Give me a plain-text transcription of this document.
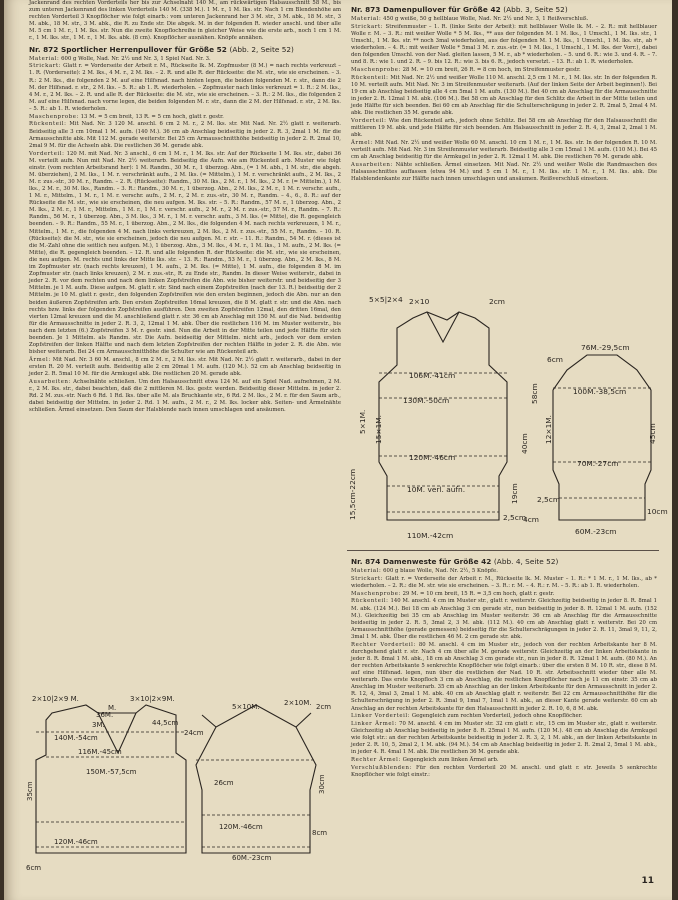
Jackenrand des rechten Vorderteils her bis zur Achselnaht 140 M., am rückwärtigen Halsausschnitt 58 M., bis zum unteren Jackenrand des linken Vorderteils 140 M. (338 M.). 1 M. r., 1 M. lks. str. Nach 1 cm Blendenhöhe am rechten Vorderteil 3 Knopflöcher wie folgt einarb.: vom unteren Jackenrand her 3 M. str., 3 M. abk., 18 M. str., 3 M. abk., 18 M. str., 3 M. abk., die R. zu Ende str. Die abgek. M. in der folgenden R. wieder anschl. und über alle M. 5 cm 1 M. r., 1 M. lks. str. Nun die zweite Knopflochreihe in gleicher Weise wie die erste arb., noch 1 cm 1 M. r., 1 M. lks. str., 1 M. r., 1 M. lks. abk. (8 cm). Knopflöcher ausnähen. Knöpfe annähen.

Nr. 872 Sportlicher Herrenpullover für Größe 52 (Abb. 2, Seite 52)

Material: 600 g Wolle, Nad. Nr. 2½ und Nr. 3, 1 Spiel Nad. Nr. 3.

Strickart: Glatt r. = Vorderseite der Arbeit r. M., Rückseite lk. M. Zopfmuster (8 M.) = nach rechts verkreuzt – 1. R. (Vorderseite): 2 M. lks., 4 M. r., 2 M. lks. – 2. R. und alle R. der Rückseite: die M. str., wie sie erscheinen. – 3. R.: 2 M. lks., die folgenden 2 M. auf eine Hilfsnad. nach hinten legen, die beiden folgenden M. r. str., dann die 2 M. der Hilfsnad. r. str., 2 M. lks. – 5. R.: ab 1. R. wiederholen. – Zopfmuster nach links verkreuzt = 1. R.: 2 M. lks., 4 M. r., 2 M. lks. – 2. R. und alle R. der Rückseite: die M. str., wie sie erscheinen. – 3. R.: 2 M. lks., die folgenden 2 M. auf eine Hilfsnad. nach vorne legen, die beiden folgenden M. r. str., dann die 2 M. der Hilfsnad. r. str., 2 M. lks. – 5. R.: ab 1. R. wiederholen.

Maschenprobe: 13 M. = 5 cm breit, 13 R. = 5 cm hoch, glatt r. gestr.

Rückenteil: Mit Nad. Nr. 3 120 M. anschl. 6 cm 2 M. r., 2 M. lks. str. Mit Nad. Nr. 2½ glatt r. weiterarb. Beidseitig alle 3 cm 10mal 1 M. aufn. (140 M.). 36 cm ab Anschlag beidseitig in jeder 2. R. 3, 2mal 1 M. für die Armausschnitte abk. Mit 112 M. gerade weiterstr. Bei 25 cm Armausschnitthöhe beidseitig in jeder 2. R. 2mal 10, 2mal 9 M. für die Achseln abk. Die restlichen 36 M. gerade abk.

Vorderteil: 120 M. mit Nad. Nr. 3 anschl., 6 cm 1 M. r., 1 M. lks. str. Auf der Rückseite 1 M. lks. str., dabei 36 M. verteilt aufn. Nun mit Nad. Nr. 2½ weiterarb. Beidseitig die Aufn. wie am Rückenteil arb. Muster wie folgt einstr. (vom rechten Arbeitsrand her): 1 M. Randm., 30 M. r., 1 überzog. Abn., (= 1 M. abh., 1 M. str., die abgeh. M. überziehen), 2 M. lks., 1 M. r. verschränkt aufn., 2 M. lks. (= Mittelm.), 1 M. r. verschränkt aufn., 2 M. lks., 2 M. r. zus.-str., 30 M. r., Randm. – 2. R. (Rückseite): Randm., 30 M. lks., 2 M. r., 1 M. lks., 2 M. r. (= Mittelm.), 1 M. lks., 2 M. r., 30 M. lks., Randm. – 3. R.: Randm., 30 M. r., 1 überzog. Abn., 2 M. lks., 2 M. r., 1 M. r. verschr. aufn., 1 M. r., Mittelm., 1 M. r., 1 M. r. verschr. aufn., 2 M. r., 2 M. r. zus.-str., 30 M. r., Randm. – 4., 6., 8. R.: auf der Rückseite die M. str., wie sie erscheinen, die neu aufgen. M. lks. str. – 5. R.: Randm., 57 M. r., 1 überzog. Abn., 2 M. lks., 2 M. r., 1 M. r., Mittelm., 1 M. r., 1 M. r. verschr. aufn., 2 M. r., 2 M. r. zus.-str., 57 M. r., Randm. – 7. R.: Randm., 56 M. r., 1 überzog. Abn., 3 M. lks., 3 M. r., 1 M. r. verschr. aufn., 3 M. lks. (= Mitte), die R. gegengleich beenden. – 9. R.: Randm., 55 M. r., 1 überzog. Abn., 2 M. lks., die folgenden 4 M. nach rechts verkreuzen, 1 M. r., Mittelm., 1 M. r., die folgenden 4 M. nach links verkreuzen, 2 M. lks., 2 M. r. zus.-str., 55 M. r., Randm. – 10. R. (Rückseite): die M. str., wie sie erscheinen, jedoch die neu aufgen. M. r. str. – 11. R.: Randm., 54 M. r. (dieses ist die M.-Zahl ohne die seitlich neu aufgen. M.), 1 überzog. Abn., 3 M. lks., 4 M. r., 1 M. lks., 1 M. aufn., 2 M. lks. (= Mitte), die R. gegengleich beenden. – 12. R. und alle folgenden R. der Rückseite: die M. str., wie sie erscheinen, die neu aufgen. M. rechts und links der Mitte lks. str. – 13. R.: Randm., 53 M. r., 1 überzog. Abn., 2 M. lks., 8 M. im Zopfmuster str. (nach rechts kreuzen), 1 M. aufn., 2 M. lks. (= Mitte), 1 M. aufn., die folgenden 8 M. im Zopfmuster str. (nach links kreuzen), 2 M. r. zus.-str., R. zu Ende str., Randm. In dieser Weise weiterstr., dabei in jeder 2. R. vor dem rechten und nach dem linken Zopfstreifen die Abn. wie bisher weiterstr. und beidseitig der 3 Mittelm. je 1 M. aufn. Diese aufgen. M. glatt r. str. Sind nach einem Zopfstreifen (nach der 13. R.) beidseitig der 2 Mittelm. je 10 M. glatt r. gestr., den folgenden Zopfstreifen wie den ersten beginnen, jedoch die Abn. nur an den beiden äußeren Zopfstreifen arb. Den ersten Zopfstreifen 16mal kreuzen, die 8 M. glatt r. str. und die Abn. nach rechts bzw. links der folgenden Zopfstreifen ausführen. Den zweiten Zopfstreifen 12mal, den dritten 16mal, den vierten 12mal kreuzen und die M. anschließend glatt r. str. 36 cm ab Anschlag mit 150 M. auf die Nad. beidseitig für die Armausschnitte in jeder 2. R. 3, 2, 12mal 1 M. abk. Über die restlichen 116 M. im Muster weiterstr., bis nach dem letzten (6.) Zopfstreifen 3 M. r. gestr. sind. Nun die Arbeit in der Mitte teilen und jede Hälfte für sich beenden. Je 1 Mittelm. als Randm. str. Die Aufn. beidseitig der Mittelm. nicht arb., jedoch vor dem ersten Zopfstreifen der linken Hälfte und nach dem letzten Zopfstreifen der rechten Hälfte in jeder 2. R. die Abn. wie bisher weiterarb. Bei 24 cm Armausschnitthöhe die Schulter wie am Rückenteil arb.

Ärmel: Mit Nad. Nr. 3 60 M. anschl., 8 cm 2 M. r., 2 M. lks. str. Mit Nad. Nr. 2½ glatt r. weiterarb., dabei in der ersten R. 20 M. verteilt aufn. Beidseitig alle 2 cm 20mal 1 M. aufn. (120 M.). 52 cm ab Anschlag beidseitig in jeder 2. R. 5mal 10 M. für die Armkugel abk. Die restlichen 20 M. gerade abk.

Ausarbeiten: Achselnähte schließen. Um den Halsausschnitt etwa 124 M. auf ein Spiel Nad. aufnehmen, 2 M. r., 2 M. lks. str., dabei beachten, daß die 2 mittleren M. lks. gestr. werden. Beidseitig dieser Mittelm. in jeder 2. Rd. 2 M. zus.-str. Nach 6 Rd. 1 Rd. lks. über alle M. als Bruchkante str., 6 Rd. 2 M. lks., 2 M. r. für den Saum arb., dabei beidseitig der Mittelm. in jeder 2. Rd. 1 M. aufn., 2 M. r., 2 M. lks. locker abk. Seiten- und Ärmelnähte schließen. Ärmel einsetzen. Den Saum der Halsblende nach innen umschlagen und ansäumen.

2×10|2×9 M.	3×10|2×9M.
M.
44,5cm
5×10M.	2×10M. 2cm
36M.
3M.
140M.-54cm
116M.-45cm
150M.-57,5cm
120M.-46cm
120M.-46cm
60M.-23cm
8cm
6cm
35cm
24cm
26cm	30cm
Nr. 873 Damenpullover für Größe 42 (Abb. 3, Seite 52)

Material: 450 g weiße, 50 g hellblaue Wolle, Nad. Nr. 2½ und Nr. 3, 1 Reißverschluß.

Strickart: Streifenmuster – 1. R. (linke Seite der Arbeit): mit hellblauer Wolle lk. M. – 2. R.: mit hellblauer Wolle r. M. – 3. R.: mit weißer Wolle * 5 M. lks., ** aus der folgenden M. 1 M. lks., 1 Umschl., 1 M. lks. str., 1 Umschl., 1 M. lks. str. ** noch 3mal wiederholen, aus der folgenden M. 1 M. lks., 1 Umschl., 1 M. lks. str., ab * wiederholen. – 4. R.: mit weißer Wolle * 5mal 3 M. r. zus.-str. (= 1 M. lks., 1 Umschl., 1 M. lks. der Vorr.), dabei den folgenden Umschl. von der Nad. gleiten lassen, 5 M. r., ab * wiederholen. – 5. und 6. R.: wie 3. und 4. R. – 7. und 8. R.: wie 1. und 2. R. – 9. bis 12. R.: wie 3. bis 6. R., jedoch versetzt. – 13. R.: ab 1. R. wiederholen.

Maschenprobe: 28 M. = 10 cm breit, 26 R. = 8 cm hoch, im Streifenmuster gestr.

Rückenteil: Mit Nad. Nr. 2½ und weißer Wolle 110 M. anschl. 2,5 cm 1 M. r., 1 M. lks. str. In der folgenden R. 10 M. verteilt aufn. Mit Nad. Nr. 3 im Streifenmuster weiterarb. (Auf der linken Seite der Arbeit beginnen!). Bei 19 cm ab Anschlag beidseitig alle 4 cm 5mal 1 M. aufn. (130 M.). Bei 40 cm ab Anschlag für die Armausschnitte in jeder 2. R. 12mal 1 M. abk. (106 M.). Bei 58 cm ab Anschlag für den Schlitz die Arbeit in der Mitte teilen und jede Hälfte für sich beenden. Bei 60 cm ab Anschlag für die Schulterschrägung in jeder 2. R. 2mal 5, 2mal 4 M. abk. Die restlichen 35 M. gerade abk.

Vorderteil: Wie den Rückenteil arb., jedoch ohne Schlitz. Bei 58 cm ab Anschlag für den Halsausschnitt die mittleren 19 M. abk. und jede Hälfte für sich beenden. Am Halsausschnitt in jeder 2. R. 4, 3, 2mal 2, 2mal 1 M. abk.

Ärmel: Mit Nad. Nr. 2½ und weißer Wolle 60 M. anschl. 10 cm 1 M. r., 1 M. lks. str. In der folgenden R. 10 M. verteilt aufn. Mit Nad. Nr. 3 im Streifenmuster weiterarb. Beidseitig alle 3 cm 15mal 1 M. aufn. (110 M.). Bei 45 cm ab Anschlag beidseitig für die Armkugel in jeder 2. R. 12mal 1 M. abk. Die restlichen 76 M. gerade abk.

Ausarbeiten: Nähte schließen. Ärmel einsetzen. Mit Nad. Nr. 2½ und weißer Wolle die Randmaschen des Halsausschnittes auffassen (etwa 94 M.) und 5 cm 1 M. r., 1 M. lks. str. 1 M. r., 1 M. lks. abk. Die Halsblendenkante zur Hälfte nach innen umschlagen und ansäumen. Reißverschluß einsetzen.

5×5|2×4 2×10	2cm
106M.-41cm
130M.-50cm
120M.-46cm
110M.-42cm
10M. verl. aufn.
2,5cm
15×1M.
19cm
40cm	45cm
58cm
76M.-29,5cm
100M.-38,5cm
70M.-27cm
60M.-23cm
10cm
4cm
2,5cm
12×1M.
5×1M.
15,5cm-22cm
6cm
Nr. 874 Damenweste für Größe 42 (Abb. 4, Seite 52)

Material: 600 g blaue Wolle, Nad. Nr. 2½, 5 Knöpfe.

Strickart: Glatt r. = Vorderseite der Arbeit r. M., Rückseite lk. M. Muster – 1. R.: * 1 M. r., 1 M. lks., ab * wiederholen. – 2. R.: die M. str. wie sie erscheinen. – 3. R.: r. M. – 4. R.: r. M. – 5. R.: ab 1. R. wiederholen.

Maschenprobe: 29 M. = 10 cm breit, 15 R. = 3,5 cm hoch, glatt r. gestr.

Rückenteil: 140 M. anschl. 4 cm im Muster str., glatt r. weiterstr. Gleichzeitig beidseitig in jeder 8. R. 8mal 1 M. abk. (124 M.). Bei 18 cm ab Anschlag 3 cm gerade str., nun beidseitig in jeder 8. R. 12mal 1 M. aufn. (152 M.). Gleichzeitig bei 35 cm ab Anschlag im Muster weiterstr. 36 cm ab Anschlag für die Armausschnitte beidseitig in jeder 2. R. 5, 3mal 2, 3 M. abk. (112 M.). 40 cm ab Anschlag glatt r. weiterstr. Bei 20 cm Armausschnitthöhe (gerade gemessen) beidseitig für die Schulterschrägungen in jeder 2. R. 11, 3mal 9, 11, 2, 3mal 1 M. abk. Über die restlichen 46 M. 2 cm gerade str. abk.

Rechter Vorderteil: 80 M. anschl. 4 cm im Muster str., jedoch von der rechten Arbeitskante her 8 M. durchgehend glatt r. str. Nach 4 cm über alle M. gerade weiterstr. Gleichzeitig an der linken Arbeitskante in jeder 8. R. 8mal 1 M. abk., 18 cm ab Anschlag 3 cm gerade str., nun in jeder 8. R. 12mal 1 M. aufn. (80 M.). An der rechten Arbeitskante 5 senkrechte Knopflöcher wie folgt einarb.: über die ersten 8 M. 10 R. str., diese 8 M. auf eine Hilfsnad. legen, nun über die restlichen der Nad. 10 R. str. Arbeitsschnitt wieder über alle M. weiterarb. Das erste Knopfloch 3 cm ab Anschlag, die restlichen Knopflöcher nach je 11 cm einstr. 35 cm ab Anschlag im Muster weiterarb. 35 cm ab Anschlag an der linken Arbeitskante für den Armausschnitt in jeder 2. R. 12, 4, 3mal 3, 2mal 1 M. abk. 40 cm ab Anschlag glatt r. weiterstr. Bei 22 cm Armausschnitthöhe für die Schulterschrägung in jeder 2. R. 3mal 9, 1mal 7, 1mal 1 M. abk., an dieser Kante gerade weiterstr. 60 cm ab Anschlag an der rechten Arbeitskante für den Halsausschnitt in jeder 2. R. 10, 6, 8 M. abk.

Linker Vorderteil: Gegengleich zum rechten Vorderteil, jedoch ohne Knopflöcher.

Linker Ärmel: 70 M. anschl. 4 cm im Muster str. 32 cm glatt r. str., 15 cm im Muster str., glatt r. weiterstr. Gleichzeitig ab Anschlag beidseitig in jeder 8. R. 25mal 1 M. aufn. (120 M.). 48 cm ab Anschlag die Armkugel wie folgt str.: an der rechten Arbeitskante beidseitig in jeder 2. R. 3, 2, 1 M. abk., an der linken Arbeitskante in jeder 2. R. 10, 5, 2mal 2, 1 M. abk. (94 M.). 54 cm ab Anschlag beidseitig in jeder 2. R. 2mal 2, 5mal 1 M. abk., in jeder 4. R. 4mal 1 M. abk. Die restlichen 36 M. gerade abk.

Rechter Ärmel: Gegengleich zum linken Ärmel arb.

Verschlußblenden: Für den rechten Vorderteil 20 M. anschl. und glatt r. str. Jeweils 5 senkrechte Knopflöcher wie folgt einstr.:

11
